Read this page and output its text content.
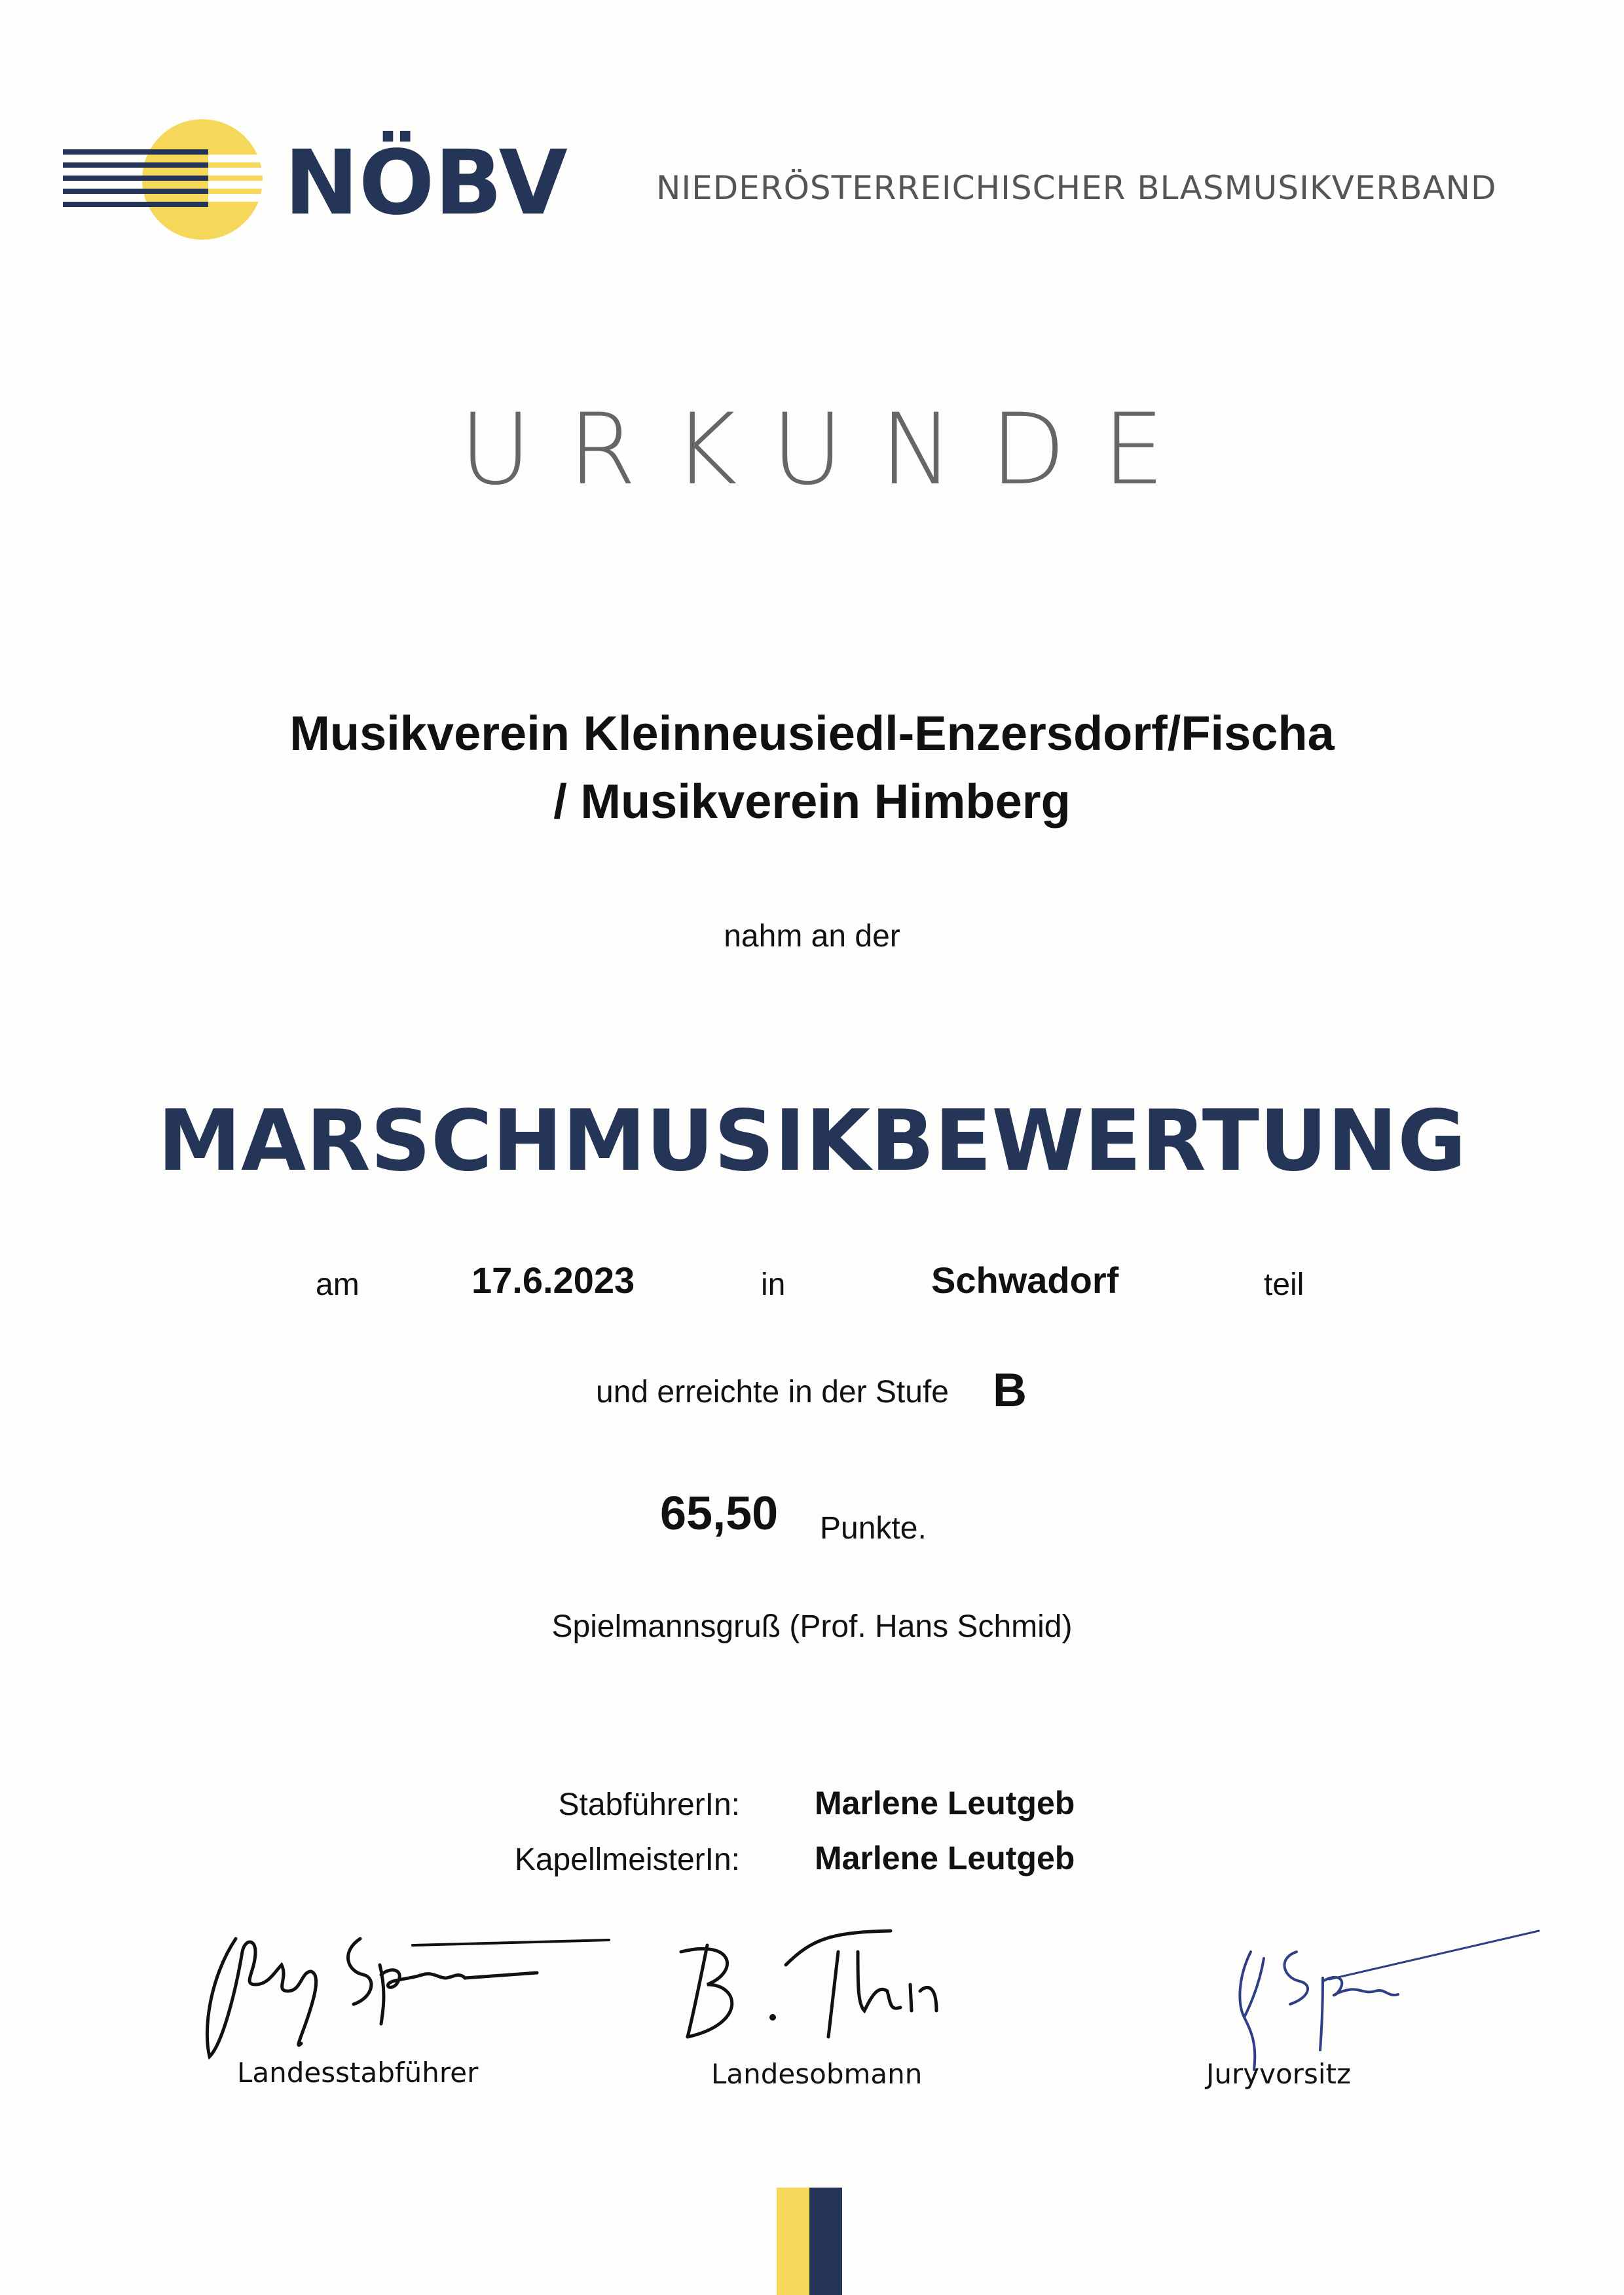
NÖBV	NIEDERÖSTERREICHISCHER BLASMUSIKVERBAND
URKUNDE
Musikverein Kleinneusiedl-Enzersdorf/Fischa
/ Musikverein Himberg
nahm an der
MARSCHMUSIKBEWERTUNG
am	17.6.2023	in	Schwadorf	teil
und erreichte in der Stufe B
65,50 Punkte.
Spielmannsgruß (Prof. Hans Schmid)
StabführerIn: Marlene Leutgeb
KapellmeisterIn: Marlene Leutgeb
Landesstabführer	Landesobmann	Juryvorsitz
